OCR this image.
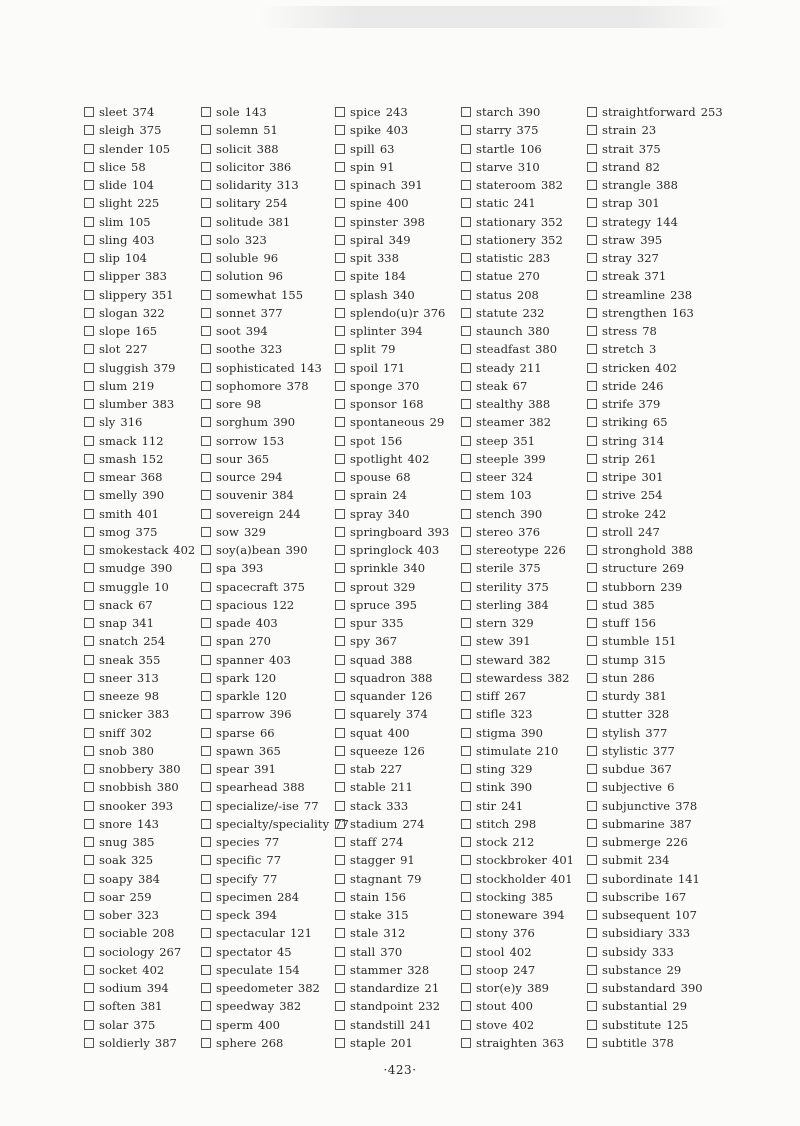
sleet 374
sleigh 375
slender 105
slice 58
slide 104
slight 225
slim 105
sling 403
slip 104
slipper 383
slippery 351
slogan 322
slope 165
slot 227
sluggish 379
slum 219
slumber 383
sly 316
smack 112
smash 152
smear 368
smelly 390
smith 401
smog 375
smokestack 402
smudge 390
smuggle 10
snack 67
snap 341
snatch 254
sneak 355
sneer 313
sneeze 98
snicker 383
sniff 302
snob 380
snobbery 380
snobbish 380
snooker 393
snore 143
snug 385
soak 325
soapy 384
soar 259
sober 323
sociable 208
sociology 267
socket 402
sodium 394
soften 381
solar 375
soldierly 387
sole 143
solemn 51
solicit 388
solicitor 386
solidarity 313
solitary 254
solitude 381
solo 323
soluble 96
solution 96
somewhat 155
sonnet 377
soot 394
soothe 323
sophisticated 143
sophomore 378
sore 98
sorghum 390
sorrow 153
sour 365
source 294
souvenir 384
sovereign 244
sow 329
soy(a)bean 390
spa 393
spacecraft 375
spacious 122
spade 403
span 270
spanner 403
spark 120
sparkle 120
sparrow 396
sparse 66
spawn 365
spear 391
spearhead 388
specialize/-ise 77
specialty/speciality 77
species 77
specific 77
specify 77
specimen 284
speck 394
spectacular 121
spectator 45
speculate 154
speedometer 382
speedway 382
sperm 400
sphere 268
spice 243
spike 403
spill 63
spin 91
spinach 391
spine 400
spinster 398
spiral 349
spit 338
spite 184
splash 340
splendo(u)r 376
splinter 394
split 79
spoil 171
sponge 370
sponsor 168
spontaneous 29
spot 156
spotlight 402
spouse 68
sprain 24
spray 340
springboard 393
springlock 403
sprinkle 340
sprout 329
spruce 395
spur 335
spy 367
squad 388
squadron 388
squander 126
squarely 374
squat 400
squeeze 126
stab 227
stable 211
stack 333
stadium 274
staff 274
stagger 91
stagnant 79
stain 156
stake 315
stale 312
stall 370
stammer 328
standardize 21
standpoint 232
standstill 241
staple 201
starch 390
starry 375
startle 106
starve 310
stateroom 382
static 241
stationary 352
stationery 352
statistic 283
statue 270
status 208
statute 232
staunch 380
steadfast 380
steady 211
steak 67
stealthy 388
steamer 382
steep 351
steeple 399
steer 324
stem 103
stench 390
stereo 376
stereotype 226
sterile 375
sterility 375
sterling 384
stern 329
stew 391
steward 382
stewardess 382
stiff 267
stifle 323
stigma 390
stimulate 210
sting 329
stink 390
stir 241
stitch 298
stock 212
stockbroker 401
stockholder 401
stocking 385
stoneware 394
stony 376
stool 402
stoop 247
stor(e)y 389
stout 400
stove 402
straighten 363
straightforward 253
strain 23
strait 375
strand 82
strangle 388
strap 301
strategy 144
straw 395
stray 327
streak 371
streamline 238
strengthen 163
stress 78
stretch 3
stricken 402
stride 246
strife 379
striking 65
string 314
strip 261
stripe 301
strive 254
stroke 242
stroll 247
stronghold 388
structure 269
stubborn 239
stud 385
stuff 156
stumble 151
stump 315
stun 286
sturdy 381
stutter 328
stylish 377
stylistic 377
subdue 367
subjective 6
subjunctive 378
submarine 387
submerge 226
submit 234
subordinate 141
subscribe 167
subsequent 107
subsidiary 333
subsidy 333
substance 29
substandard 390
substantial 29
substitute 125
subtitle 378
·423·
